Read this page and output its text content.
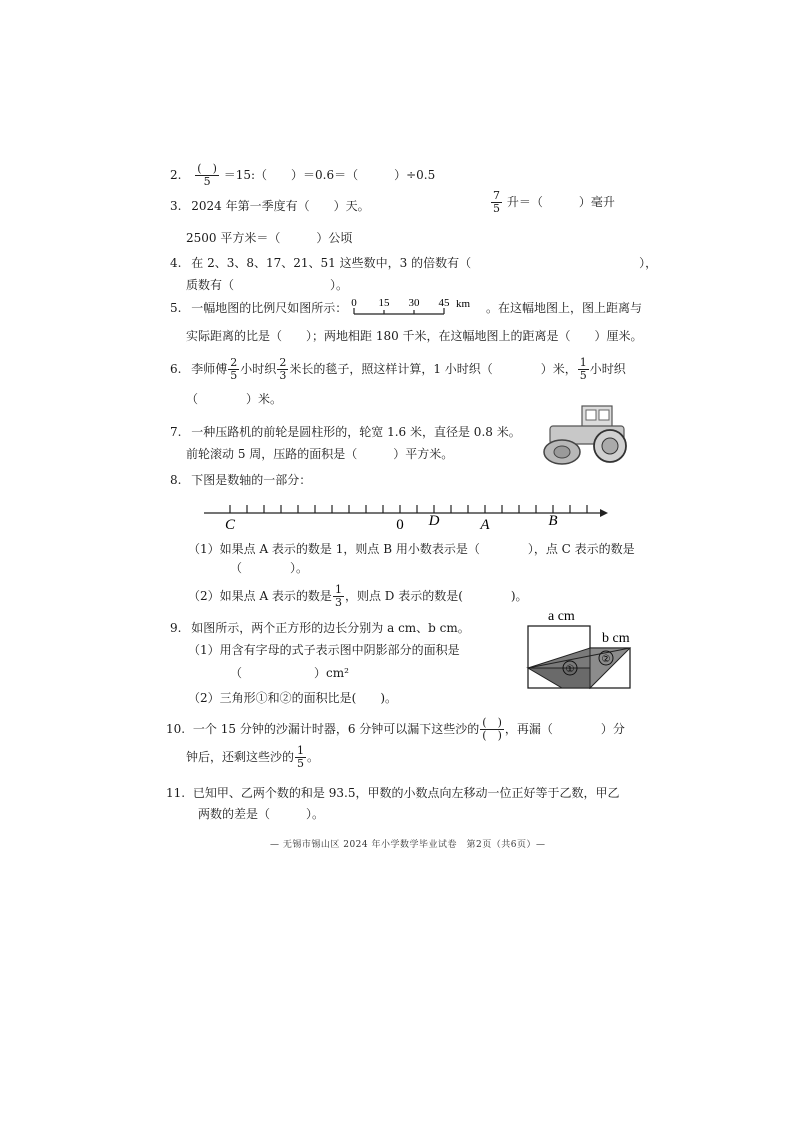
2. $\frac{( )}{5}$ ＝15:（　　）＝0.6＝（　　　）÷0.5
3. 2024 年第一季度有（　　）天。	$\frac{7}{5}$ 升＝（　　　）毫升
2500 平方米＝（　　　）公顷
4. 在 2、3、8、17、21、51 这些数中，3 的倍数有（　　　　　　　　　　　　　　），
质数有（　　　　　　　　）。
5. 一幅地图的比例尺如图所示： 0 15 30 45 km 。在这幅地图上，图上距离与
实际距离的比是（　　）；两地相距 180 千米，在这幅地图上的距离是（　　）厘米。
6. 李师傅 $\frac{2}{5}$ 小时织 $\frac{2}{3}$ 米长的毯子，照这样计算，1 小时织（　　　　）米， $\frac{1}{5}$ 小时织
（　　　　）米。
7. 一种压路机的前轮是圆柱形的，轮宽 1.6 米，直径是 0.8 米。
前轮滚动 5 周，压路的面积是（　　　）平方米。
8. 下图是数轴的一部分：
C	0 D	A	B
（1）如果点 A 表示的数是 1，则点 B 用小数表示是（　　　　），点 C 表示的数是
（　　　　）。
（2）如果点 A 表示的数是 $\frac{1}{3}$ ，则点 D 表示的数是(　　　　)。
9. 如图所示，两个正方形的边长分别为 a cm、b cm。
（1）用含有字母的式子表示图中阴影部分的面积是
（　　　　　　）cm²
（2）三角形①和②的面积比是(　　)。
a cm
b cm
①
②
10. 一个 15 分钟的沙漏计时器，6 分钟可以漏下这些沙的 $\frac{( )}{( )}$ ，再漏（　　　　）分
钟后，还剩这些沙的 $\frac{1}{5}$ 。
11. 已知甲、乙两个数的和是 93.5，甲数的小数点向左移动一位正好等于乙数，甲乙
两数的差是（　　　）。
— 无锡市锡山区 2024 年小学数学毕业试卷　第2页（共6页）—
